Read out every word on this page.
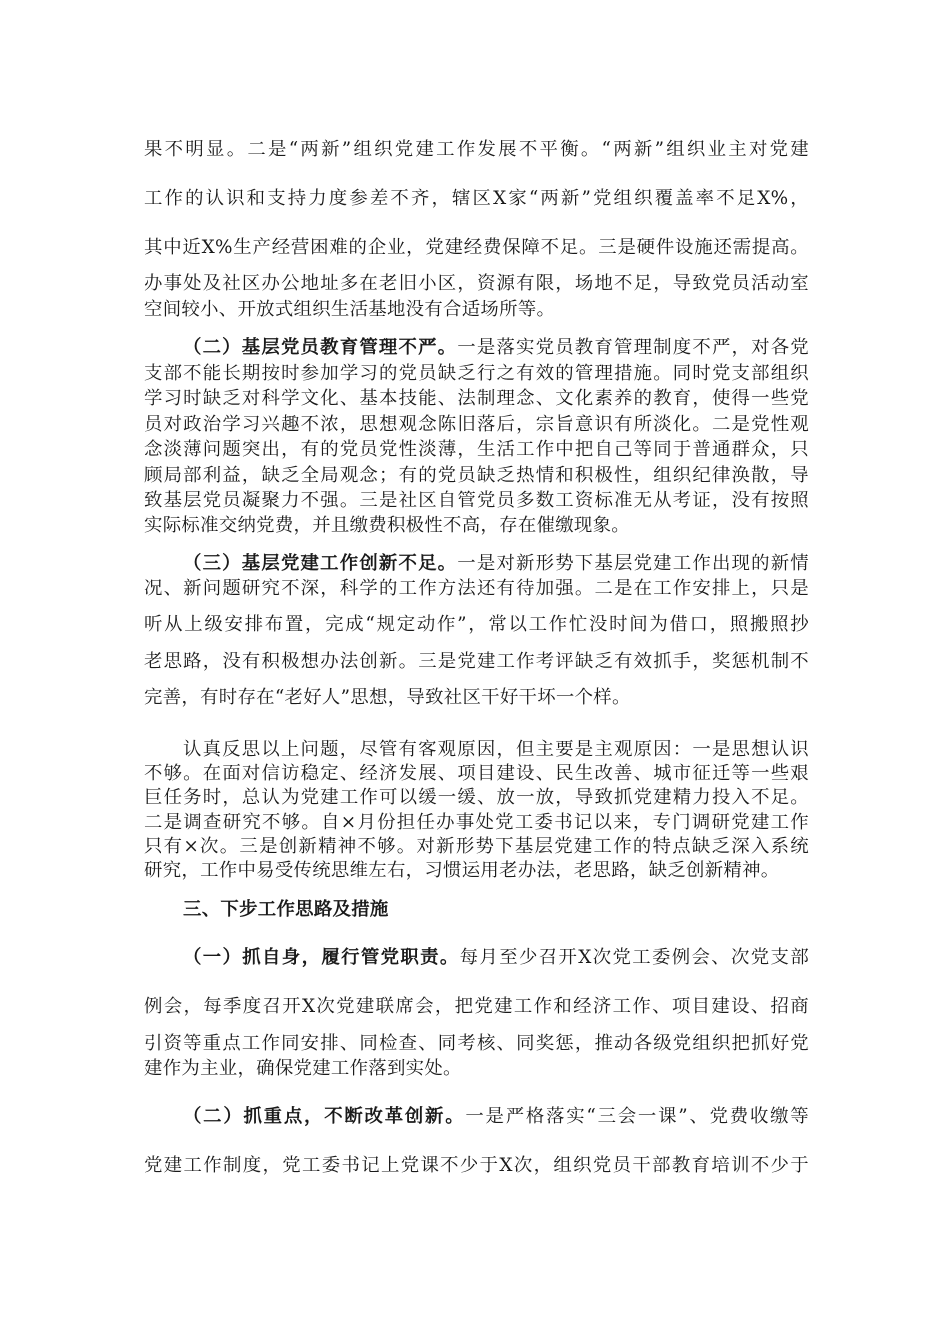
果不明显。二是“两新”组织党建工作发展不平衡。“两新”组织业主对党建
工作的认识和支持力度参差不齐，辖区X家“两新”党组织覆盖率不足X%，
其中近X%生产经营困难的企业，党建经费保障不足。三是硬件设施还需提高。
办事处及社区办公地址多在老旧小区，资源有限，场地不足，导致党员活动室
空间较小、开放式组织生活基地没有合适场所等。
（二）基层党员教育管理不严。一是落实党员教育管理制度不严，对各党
支部不能长期按时参加学习的党员缺乏行之有效的管理措施。同时党支部组织
学习时缺乏对科学文化、基本技能、法制理念、文化素养的教育，使得一些党
员对政治学习兴趣不浓，思想观念陈旧落后，宗旨意识有所淡化。二是党性观
念淡薄问题突出，有的党员党性淡薄，生活工作中把自己等同于普通群众，只
顾局部利益，缺乏全局观念；有的党员缺乏热情和积极性，组织纪律涣散，导
致基层党员凝聚力不强。三是社区自管党员多数工资标准无从考证，没有按照
实际标准交纳党费，并且缴费积极性不高，存在催缴现象。
（三）基层党建工作创新不足。一是对新形势下基层党建工作出现的新情
况、新问题研究不深，科学的工作方法还有待加强。二是在工作安排上，只是
听从上级安排布置，完成“规定动作”，常以工作忙没时间为借口，照搬照抄
老思路，没有积极想办法创新。三是党建工作考评缺乏有效抓手，奖惩机制不
完善，有时存在“老好人”思想，导致社区干好干坏一个样。
认真反思以上问题，尽管有客观原因，但主要是主观原因：一是思想认识
不够。在面对信访稳定、经济发展、项目建设、民生改善、城市征迁等一些艰
巨任务时，总认为党建工作可以缓一缓、放一放，导致抓党建精力投入不足。
二是调查研究不够。自×月份担任办事处党工委书记以来，专门调研党建工作
只有×次。三是创新精神不够。对新形势下基层党建工作的特点缺乏深入系统
研究，工作中易受传统思维左右，习惯运用老办法，老思路，缺乏创新精神。
三、下步工作思路及措施
（一）抓自身，履行管党职责。每月至少召开X次党工委例会、次党支部
例会，每季度召开X次党建联席会，把党建工作和经济工作、项目建设、招商
引资等重点工作同安排、同检查、同考核、同奖惩，推动各级党组织把抓好党
建作为主业，确保党建工作落到实处。
（二）抓重点，不断改革创新。一是严格落实“三会一课”、党费收缴等
党建工作制度，党工委书记上党课不少于X次，组织党员干部教育培训不少于
